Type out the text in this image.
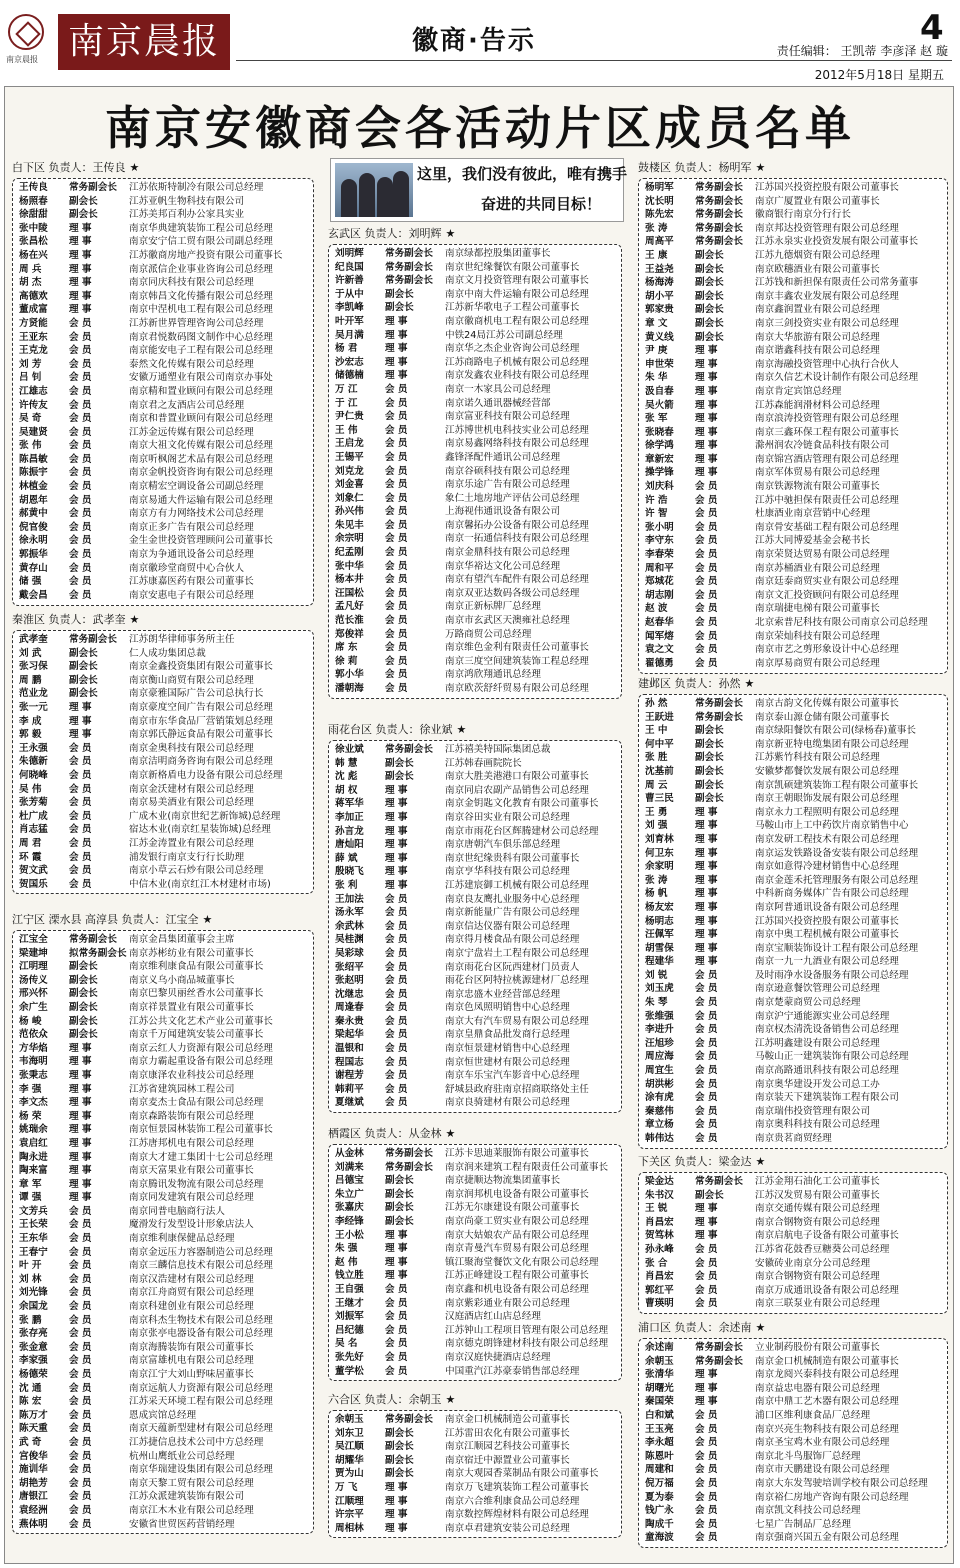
南京晨报 南京晨报	徽商·告示	4
责任编辑： 王凯蒂 李彦泽 赵 璇
2012年5月18日 星期五
南京安徽商会各活动片区成员名单
这里，我们没有彼此，唯有携手
奋进的共同目标！
白下区 负责人：王传良 ★
王传良	常务副会长	江苏依斯特制冷有限公司总经理
杨照春	副会长	江苏亚帆生物科技有限公司
徐甜甜	副会长	江苏美邦百利办公家具实业
张中陵	理 事	南京华典建筑装饰工程公司总经理
张昌松	理 事	南京安宁信工贸有限公司副总经理
杨在兴	理 事	江苏徽商房地产投资有限公司董事长
周 兵	理 事	南京派信企业事业咨询公司总经理
胡 杰	理 事	南京同庆科技有限公司总经理
高德欢	理 事	南京韩昌文化传播有限公司总经理
董成富	理 事	南京中涅机电工程有限公司总经理
方贤能	会 员	江苏新世界管理咨询公司总经理
王亚东	会 员	南京君悦数码图文制作中心总经理
王克龙	会 员	南京能安电子工程有限公司总经理
刘 芳	会 员	泰然文化传媒有限公司总经理
吕 钊	会 员	安徽万通塑业有限公司南京办事处
江雄志	会 员	南京精和置业顾问有限公司总经理
许传友	会 员	南京君之友酒店公司总经理
吴 奇	会 员	南京和普置业顾问有限公司总经理
吴建贤	会 员	江苏金远传媒有限公司总经理
张 伟	会 员	南京大祖文化传媒有限公司总经理
陈昌敏	会 员	南京听枫阁艺术品有限公司总经理
陈振宇	会 员	南京金帆投资咨询有限公司总经理
林植金	会 员	南京精宏空调设备公司副总经理
胡恩年	会 员	南京易通大件运输有限公司总经理
郝黄中	会 员	南京方有力网络技术公司总经理
倪官俊	会 员	南京正多广告有限公司总经理
徐永明	会 员	金生金世投资管理顾问公司董事长
郭振华	会 员	南京为争通讯设备公司总经理
黄存山	会 员	南京徽珍堂商贸中心合伙人
储 强	会 员	江苏康嘉医药有限公司董事长
戴会昌	会 员	南京安惠电子有限公司总经理
秦淮区 负责人：武孝奎 ★
武孝奎	常务副会长	江苏朗华律师事务所主任
刘 武	副会长	仁人成功集团总裁
张习保	副会长	南京金鑫投资集团有限公司董事长
周 鹏	副会长	南京衡山商贸有限公司总经理
范业龙	副会长	南京豪雅国际广告公司总执行长
张一元	理 事	南京豪度空间广告有限公司总经理
李 成	理 事	南京市东华食品厂营销策划总经理
郭 毅	理 事	南京郭氏静远食品有限公司董事长
王永强	会 员	南京金奥科技有限公司总经理
朱德新	会 员	南京洁明商务咨询有限公司总经理
何晓峰	会 员	南京新格盾电力设备有限公司总经理
吴 伟	会 员	南京金沃建材有限公司总经理
张芳菊	会 员	南京易美酒业有限公司总经理
杜广成	会 员	广成木业(南京世纪艺新饰城)总经理
肖志猛	会 员	宿达木业(南京红星装饰城)总经理
周 君	会 员	江苏金涛置业有限公司总经理
环 霞	会 员	浦发银行南京支行行长助理
贺文武	会 员	南京小草云石炒有限公司总经理
贺国乐	会 员	中信木业(南京红江木材建材市场)
江宁区 溧水县 高淳县 负责人：江宝全 ★
江宝全	常务副会长	南京金昌集团董事会主席
梁建坤	拟常务副会长 南京苏彬纺业有限公司董事长
江明理	副会长	南京维利康食品有限公司董事长
汤传义	副会长	南京义乌小商品城董事长
邢兴怀	副会长	南京巴黎贝丽丝香水公司董事长
余广生	副会长	南京祥景置业有限公司董事长
杨 峻	副会长	江苏公共文化艺术产业公司董事长
范依众	副会长	南京千万闻建筑安装公司董事长
方华焰	理 事	南京云红人力资源有限公司总经理
韦海明	理 事	南京力霸起重设备有限公司总经理
张秉志	理 事	南京康泽农业科技公司总经理
李 强	理 事	江苏省建筑园林工程公司
李文杰	理 事	南京麦杰士食品有限公司总经理
杨 荣	理 事	南京森路装饰有限公司总经理
姚瑞余	理 事	南京恒景园林装饰工程公司董事长
袁启红	理 事	江苏唐邦机电有限公司总经理
陶永进	理 事	南京大才建工集团十七公司总经理
陶来富	理 事	南京天富果业有限公司董事长
章 军	理 事	南京腾讯发物流有限公司总经理
谭 强	理 事	南京同发建筑有限公司总经理
文芳兵	会 员	南京同普电脑商行法人
王长荣	会 员	魔滑发行发型设计形象店法人
王东华	会 员	南京维利康保健品总经理
王春宁	会 员	南京金远压力容器制造公司总经理
叶 开	会 员	南京三麟信息技术有限公司总经理
刘 林	会 员	南京汉浩建材有限公司总经理
刘光锋	会 员	南京江舟商贸有限公司总经理
余国龙	会 员	南京科建创业有限公司总经理
张 鹏	会 员	南京科杰生物技术有限公司总经理
张存亮	会 员	南京张亭电器设备有限公司总经理
张金意	会 员	南京海腾装饰有限公司董事长
李家强	会 员	南京富雄机电有限公司总经理
杨德荣	会 员	南京江宁大刘山野味居董事长
沈 通	会 员	南京远航人力资源有限公司总经理
陈 宏	会 员	江苏采天环境工程有限公司总经理
陈万才	会 员	恩成宾馆总经理
陈天重	会 员	南京天蕴新型建材有限公司总经理
武 奇	会 员	江苏捷信息技术公司中方总经理
宫俊华	会 员	杭州山鹰纸业公司总经理
施训华	会 员	南京华瑞建设集团有限公司总经理
胡艳芳	会 员	南京天黎工贸有限公司总经理
唐银江	会 员	江苏众派建筑装饰有限公司
袁经洲	会 员	南京江木木业有限公司总经理
燕体明	会 员	安徽省世贸医药营销经理
玄武区 负责人：刘明辉 ★
刘明辉	常务副会长	南京绿都控股集团董事长
纪良国	常务副会长	南京世纪缘餐饮有限公司董事长
许新善	常务副会长	南京文月投资管理有限公司董事长
于从中	副会长	南京中南大件运输有限公司总经理
李凯峰	副会长	江苏新华歌电子工程公司董事长
叶开军	理 事	南京徽商机电工程有限公司总经理
吴月满	理 事	中铁24局江苏公司副总经理
杨 君	理 事	南京华之杰企业咨询公司总经理
沙宏志	理 事	江苏商路电子机械有限公司总经理
储德楠	理 事	南京发鑫农业科技有限公司总经理
万 江	会 员	南京一木家具公司总经理
于 江	会 员	南京诺久通讯器械经营部
尹仁贵	会 员	南京富亚科技有限公司总经理
王 伟	会 员	江苏博世机电科技实业公司总经理
王启龙	会 员	南京易鑫网络科技有限公司总经理
王锡平	会 员	鑫锋泽配件通讯公司总经理
刘克龙	会 员	南京谷硕科技有限公司总经理
刘金喜	会 员	南京乐途广告有限公司总经理
刘象仁	会 员	象仁土地房地产评估公司总经理
孙兴伟	会 员	上海视伟通讯设备有限公司
朱见丰	会 员	南京馨拓办公设备有限公司总经理
余宗明	会 员	南京一拓通信科技有限公司总经理
纪孟刚	会 员	南京金鼎科技有限公司总经理
张中华	会 员	南京华裕达文化公司总经理
杨本井	会 员	南京有望汽车配件有限公司总经理
汪国松	会 员	南京双亚达数码各级公司总经理
孟凡好	会 员	南京正新标牌厂总经理
范长淮	会 员	南京市玄武区天澳雍社总经理
郑俊祥	会 员	万路商贸公司总经理
席 东	会 员	南京维色金利有限责任公司董事长
徐 莉	会 员	南京三度空间建筑装饰工程总经理
郭小华	会 员	南京鸿欣翔通讯总经理
潘朝海	会 员	南京欧茨舒纤贸易有限公司总经理
雨花台区 负责人：徐业斌 ★
徐业斌	常务副会长	江苏禧美特国际集团总裁
韩 慧	副会长	江苏韩春画院院长
沈 彪	副会长	南京大胜美港港口有限公司董事长
胡 权	理 事	南京同启农副产品销售公司总经理
蒋军华	理 事	南京金钥匙文化教育有限公司董事长
李加正	理 事	南京谷田实业有限公司总经理
孙言龙	理 事	南京市雨花台区辉腾建材公司总经理
唐灿阳	理 事	南京唐朝汽车俱乐部总经理
薛 斌	理 事	南京世纪缘贵科有限公司董事长
殷晓飞	理 事	南京亨华科技有限公司总经理
张 利	理 事	江苏建宸御工机械有限公司总经理
王加法	会 员	南京良友鹰扎业服务中心总经理
汤永军	会 员	南京新能量广告有限公司总经理
余武林	会 员	南京信达仪器有限公司总经理
吴桂渊	会 员	南京得月楼食品有限公司总经理
吴彩球	会 员	南京宁盘岩土工程有限公司总经理
张绍平	会 员	南京雨花台区阮西建材门员责人
张赵明	会 员	雨花台区阿特拉桃源建材厂总经理
沈继忠	会 员	南京忠盛木业经营部总经理
周逢春	会 员	南京色凤照明销售中心总经理
秦永贵	会 员	南京大有汽车贸易有限公司总经理
梁起华	会 员	南京皇鼎食品批发商行总经理
温银和	会 员	南京恒景建材销售中心总经理
程国志	会 员	南京恒世建材有限公司总经理
谢程芳	会 员	南京车乐宝汽车影音中心总经理
韩莉平	会 员	舒城县政府驻南京招商联络处主任
夏继斌	会 员	南京良骑建材有限公司总经理
栖霞区 负责人：从金林 ★
从金林	常务副会长	江苏卡思迪莱服饰有限公司董事长
刘满来	常务副会长	南京润来建筑工程有限责任公司董事长
吕德宝	副会长	南京捷顺达物流集团董事长
朱立广	副会长	南京润邦机电设备有限公司董事长
张嘉庆	副会长	江苏无尔康建设有限公司董事长
李经锋	副会长	南京尚豪工贸实业有限公司总经理
王小松	理 事	南京大姑娘农产品有限公司总经理
朱 强	理 事	南京青曼汽车贸易有限公司总经理
赵 伟	理 事	镇江聚海堂餐饮文化有限公司总经理
钱立胜	理 事	江苏正峰建设工程有限公司董事长
王自强	会 员	南京鑫和机电设备有限公司总经理
王继才	会 员	南京紫彩通业有限公司总经理
刘振军	会 员	汉庭酒店红山店总经理
吕纪德	会 员	江苏钟山工程项目管理有限公司总经理
吴 名	会 员	南京德克朗锋建材科技有限公司总经理
张先好	会 员	南京汉庭快捷酒店总经理
董学松	会 员	中国重汽江苏豪泰销售部总经理
六合区 负责人：余朝玉 ★
余朝玉	常务副会长	南京金口机械制造公司董事长
刘东卫	副会长	江苏雷田农化有限公司董事长
吴江顺	副会长	南京江顺园艺科技公司董事长
胡耀华	副会长	南京宿迁中源置业公司董事长
贾为山	副会长	南京大观园香菜制品有限公司董事长
万 飞	理 事	南京万飞建筑装饰工程公司董事长
江顺理	理 事	南京六合维利康食品公司总经理
许宗平	理 事	南京数控辉煌材料有限公司总经理
周相林	理 事	南京卓君建筑安装公司总经理
鼓楼区 负责人：杨明军 ★
杨明军	常务副会长	江苏国兴投资控股有限公司董事长
沈长明	常务副会长	南京广厦置业有限公司董事长
陈先宏	常务副会长	徽商银行南京分行行长
张 涛	常务副会长	南京邦达投资管理有限公司总经理
周高平	常务副会长	江苏永泉实业投资发展有限公司董事长
王 康	副会长	江苏九德烟资有限公司总经理
王益尧	副会长	南京欧穗酒业有限公司董事长
杨海涛	副会长	江苏钱和新担保有限责任公司常务董事
胡小平	副会长	南京丰鑫农业发展有限公司总经理
郭家贵	副会长	南京鑫润置业有限公司总经理
章 文	副会长	南京三剑投资实业有限公司总经理
黄义线	副会长	南京大华旅游有限公司总经理
尹 庚	理 事	南京谐鑫科技有限公司总经理
申世荣	理 事	南京海融投资管理中心执行合伙人
朱 华	理 事	南京久信艺术设计制作有限公司总经理
汲自春	理 事	南京肯定宾馆总经理
吴火箭	理 事	江苏森能润滑材料公司总经理
张 军	理 事	南京浪涛投资管理有限公司总经理
张晓春	理 事	南京三鑫环保工程有限公司董事长
徐学鸿	理 事	滁州润农冷链食品科技有限公司
章新宏	理 事	南京锦宫酒店管理有限公司总经理
操学锋	理 事	南京军体贸易有限公司总经理
刘庆科	会 员	南京铁源物流有限公司董事长
许 浩	会 员	江苏中驰担保有限责任公司总经理
许 智	会 员	杜康酒业南京营销中心经理
张小明	会 员	南京骨安基础工程有限公司总经理
李守东	会 员	江苏大同博爱基金会秘书长
李春荣	会 员	南京荣贤达贸易有限公司总经理
周和平	会 员	南京苏桶酒业有限公司总经理
郑城花	会 员	南京廷泰商贸实业有限公司总经理
胡志刚	会 员	南京文汇投资顾问有限公司总经理
赵 波	会 员	南京瑞捷电梯有限公司董事长
赵春华	会 员	北京索普尼科技有限公司南京公司总经理
闻军熔	会 员	南京荣灿科技有限公司总经理
袁之文	会 员	南京市艺之剪形象设计中心总经理
翟德勇	会 员	南京厚易商贸有限公司总经理
建邺区 负责人：孙然 ★
孙 然	常务副会长	南京古韵文化传媒有限公司董事长
王跃进	常务副会长	南京泰山源仓储有限公司董事长
王 中	副会长	南京绿阳餐饮有限公司(绿杨春)董事长
何中平	副会长	南京新亚特电缆集团有限公司总经理
张 胜	副会长	江苏紫竹科技有限公司总经理
沈基前	副会长	安徽梦都餐饮发展有限公司总经理
周 云	副会长	南京凯硕建筑装饰工程有限公司董事长
曹三民	副会长	南京王朝眼饰发展有限公司总经理
王 勇	理 事	南京永力工程照明有限公司总经理
刘 强	理 事	马鞍山市上工中药饮片南京销售中心
刘育林	理 事	南京发研工程技术有限公司总经理
何卫东	理 事	南京运发铁路设备安装有限公司总经理
余家明	理 事	南京如意得冷建材销售中心总经理
张 涛	理 事	南京金莲禾托管理服务有限公司总经理
杨 帆	理 事	中科新商务媒体广告有限公司总经理
杨友宏	理 事	南京阿普通讯设备有限公司总经理
杨明志	理 事	江苏国兴投资控股有限公司董事长
汪佩军	理 事	南京中奥工程机械有限公司董事长
胡雪保	理 事	南京宝顺装饰设计工程有限公司总经理
程建华	理 事	南京一九一九酒业有限公司总经理
刘 锐	会 员	及时雨净水设备服务有限公司总经理
刘玉虎	会 员	南京逊意餐饮管理公司总经理
朱 琴	会 员	南京楚蒙商贸公司总经理
张维强	会 员	南京沪宁通能源实业公司总经理
李进升	会 员	南京权杰清洗设备销售公司总经理
汪旭珍	会 员	江苏明鑫建设有限公司总经理
周应海	会 员	马鞍山正一建筑装饰有限公司总经理
周宜生	会 员	南京高路通讯科技有限公司总经理
胡洪彬	会 员	南京奥华建设开发公司总工办
涂有虎	会 员	南京装天下建筑装饰工程有限公司
秦慈伟	会 员	南京瑞伟投资管理有限公司
章立杨	会 员	南京奥科科技有限公司总经理
韩伟达	会 员	南京贵茗商贸经理
下关区 负责人：梁金达 ★
梁金达	常务副会长	江苏金翔石油化工公司董事长
朱书汉	副会长	江苏汉发贸易有限公司董事长
王 锐	理 事	南京交通传媒有限公司总经理
肖昌宏	理 事	南京合钢物资有限公司总经理
贺笃林	理 事	南京启航电子设备有限公司董事长
孙永峰	会 员	江苏省花鼓香豆糖葵公司总经理
张 合	会 员	安徽砖业南京分公司总经理
肖昌宏	会 员	南京合钢物资有限公司总经理
郭红平	会 员	南京万成通讯设备有限公司总经理
曹瑛明	会 员	南京三联泵业有限公司总经理
浦口区 负责人：余述南 ★
余述南	常务副会长	立业制药股份有限公司董事长
余朝玉	常务副会长	南京金口机械制造有限公司董事长
张清华	理 事	南京龙阅兴泰科技有限公司总经理
胡曙光	理 事	南京益忠电器有限公司总经理
秦国荣	理 事	南京中鼎工艺木器有限公司总经理
白和斌	会 员	浦口区维利康食品厂总经理
王玉亮	会 员	南京兴亮生物科技有限公司总经理
李永超	会 员	南京圣宝鸡木业有限公司总经理
陈恩叶	会 员	南京北斗鸟服饰厂总经理
周建和	会 员	南京市天鹏建设有限公司总经理
倪万福	会 员	南京大东发驾驶培训学校有限公司总经理
夏为泰	会 员	南京裕仁房地产咨询有限公司总经理
钱广永	会 员	南京凯文科技公司总经理
陶成千	会 员	七星广告制品厂总经理
童海波	会 员	南京强商兴国五金有限公司总经理
